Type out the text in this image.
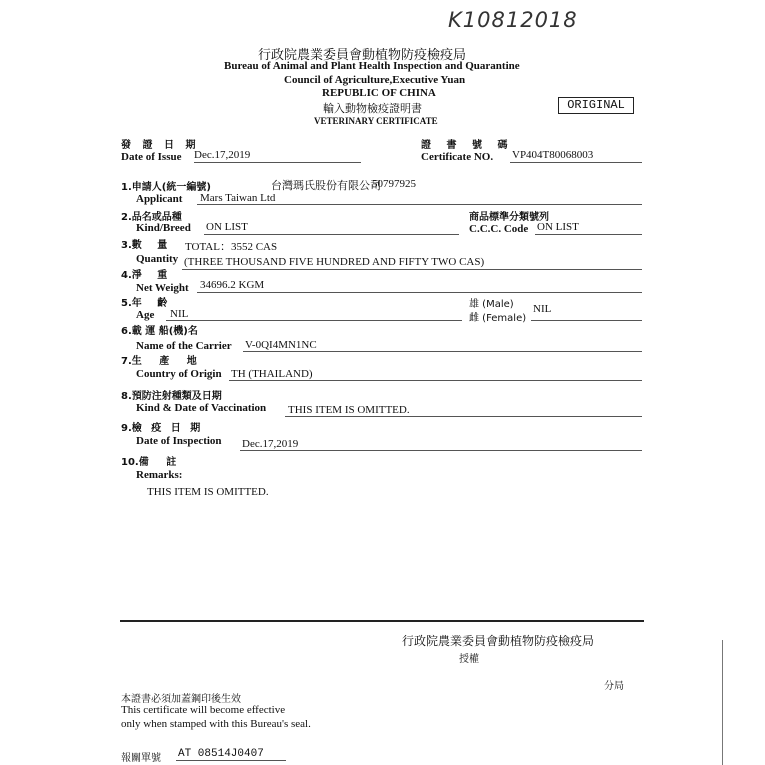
K10812018
行政院農業委員會動植物防疫檢疫局
Bureau of Animal and Plant Health Inspection and Quarantine
Council of Agriculture,Executive Yuan
REPUBLIC OF CHINA
輸入動物檢疫證明書
VETERINARY CERTIFICATE
ORIGINAL
發 證 日 期
Date of Issue Dec.17,2019
證 書 號 碼
Certificate NO. VP404T80068003
1.申請人(統一編號)	台灣瑪氏股份有限公司
50797925
Applicant Mars Taiwan Ltd
2.品名或品種
Kind/Breed ON LIST
商品標準分類號列
C.C.C. Code ON LIST
3.數 量 TOTAL：3552 CAS
Quantity (THREE THOUSAND FIVE HUNDRED AND FIFTY TWO CAS)
4.淨 重
Net Weight 34696.2 KGM
5.年 齡
Age NIL
雄 (Male)
雌 (Female)
NIL
6.載 運 船(機)名
Name of the Carrier V-0QI4MN1NC
7.生 產 地
Country of Origin TH (THAILAND)
8.預防注射種類及日期
Kind & Date of Vaccination THIS ITEM IS OMITTED.
9.檢 疫 日 期
Date of Inspection Dec.17,2019
10.備 註
Remarks:
THIS ITEM IS OMITTED.
行政院農業委員會動植物防疫檢疫局
授權
分局
本證書必須加蓋鋼印後生效
This certificate will become effective
only when stamped with this Bureau's seal.
報關單號 AT 08514J0407
